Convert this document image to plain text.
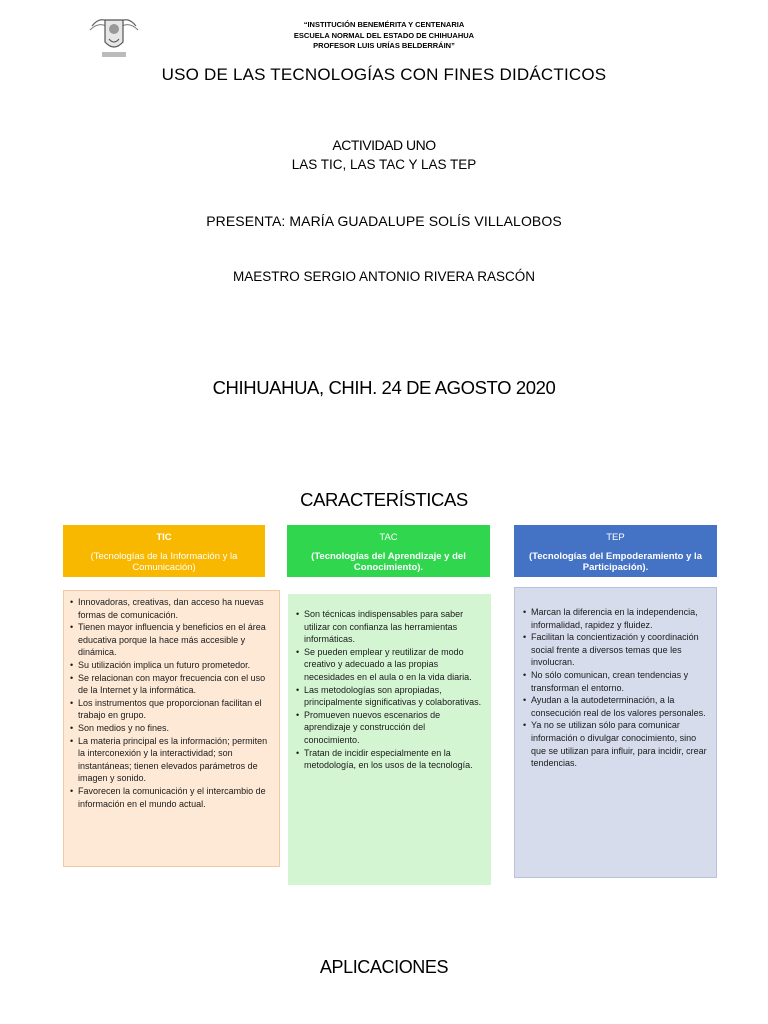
“INSTITUCIÓN BENEMÉRITA Y CENTENARIA
ESCUELA NORMAL DEL ESTADO DE CHIHUAHUA
PROFESOR LUIS URÍAS BELDERRÁIN”
USO DE LAS TECNOLOGÍAS CON FINES DIDÁCTICOS
ACTIVIDAD UNO
LAS TIC, LAS TAC Y LAS TEP
PRESENTA: MARÍA GUADALUPE SOLÍS VILLALOBOS
MAESTRO SERGIO ANTONIO RIVERA RASCÓN
CHIHUAHUA, CHIH. 24 DE AGOSTO 2020
CARACTERÍSTICAS
TIC
(Tecnologías de la Información y la Comunicación)
TAC
(Tecnologías del Aprendizaje y del Conocimiento).
TEP
(Tecnologías del Empoderamiento y la Participación).
• Innovadoras, creativas, dan acceso ha nuevas formas de comunicación.
• Tienen mayor influencia y beneficios en el área educativa porque la hace más accesible y dinámica.
• Su utilización implica un futuro prometedor.
• Se relacionan con mayor frecuencia con el uso de la Internet y la informática.
• Los instrumentos que proporcionan facilitan el trabajo en grupo.
• Son medios y no fines.
• La materia principal es la información; permiten la interconexión y la interactividad; son instantáneas; tienen elevados parámetros de imagen y sonido.
• Favorecen la comunicación y el intercambio de información en el mundo actual.
• Son técnicas indispensables para saber utilizar con confianza las herramientas informáticas.
• Se pueden emplear y reutilizar de modo creativo y adecuado a las propias necesidades en el aula o en la vida diaria.
• Las metodologías son apropiadas, principalmente significativas y colaborativas.
• Promueven nuevos escenarios de aprendizaje y construcción del conocimiento.
• Tratan de incidir especialmente en la metodología, en los usos de la tecnología.
• Marcan la diferencia en la independencia, informalidad, rapidez y fluidez.
• Facilitan la concientización y coordinación social frente a diversos temas que les involucran.
• No sólo comunican, crean tendencias y transforman el entorno.
• Ayudan a la autodeterminación, a la consecución real de los valores personales.
• Ya no se utilizan sólo para comunicar información o divulgar conocimiento, sino que se utilizan para influir, para incidir, crear tendencias.
APLICACIONES
